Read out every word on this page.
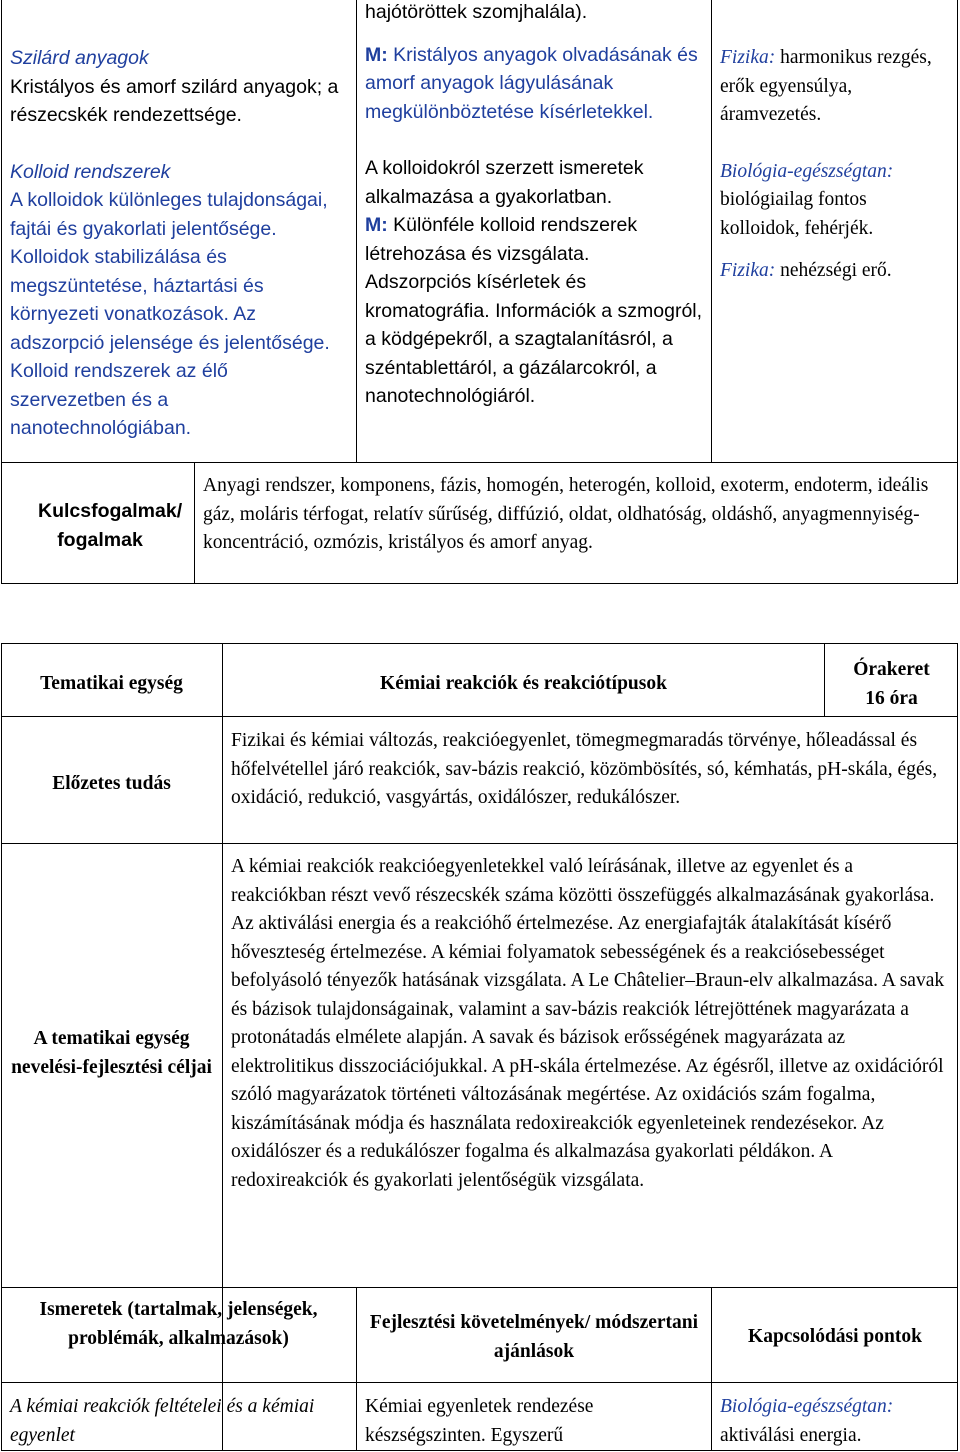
Szilárd anyagok

Kristályos és amorf szilárd anyagok; a részecskék rendezettsége.

Kolloid rendszerek

A kolloidok különleges tulajdonságai, fajtái és gyakorlati jelentősége. Kolloidok stabilizálása és megszüntetése, háztartási és környezeti vonatkozások. Az adszorpció jelensége és jelentősége. Kolloid rendszerek az élő szervezetben és a nanotechnológiában.

hajótöröttek szomjhalála).

M: Kristályos anyagok olvadásának és amorf anyagok lágyulásának megkülönböztetése kísérletekkel.

A kolloidokról szerzett ismeretek alkalmazása a gyakorlatban.

M: Különféle kolloid rendszerek létrehozása és vizsgálata.

Adszorpciós kísérletek és kromatográfia. Információk a szmogról, a ködgépekről, a szagtalanításról, a széntablettáról, a gázálarcokról, a nanotechnológiáról.

Fizika: harmonikus rezgés, erők egyensúlya, áramvezetés.

Biológia-egészségtan:
biológiailag fontos kolloidok, fehérjék.

Fizika: nehézségi erő.

Kulcsfogalmak/ fogalmak
Anyagi rendszer, komponens, fázis, homogén, heterogén, kolloid, exoterm, endoterm, ideális gáz, moláris térfogat, relatív sűrűség, diffúzió, oldat, oldhatóság, oldáshő, anyagmennyiség-koncentráció, ozmózis, kristályos és amorf anyag.
Tematikai egység	Kémiai reakciók és reakciótípusok

Órakeret

16 óra

Előzetes tudás
Fizikai és kémiai változás, reakcióegyenlet, tömegmegmaradás törvénye, hőleadással és hőfelvétellel járó reakciók, sav-bázis reakció, közömbösítés, só, kémhatás, pH-skála, égés, oxidáció, redukció, vasgyártás, oxidálószer, redukálószer.
A tematikai egység nevelési-fejlesztési céljai
A kémiai reakciók reakcióegyenletekkel való leírásának, illetve az egyenlet és a reakciókban részt vevő részecskék száma közötti összefüggés alkalmazásának gyakorlása. Az aktiválási energia és a reakcióhő értelmezése. Az energiafajták átalakítását kísérő hőveszteség értelmezése. A kémiai folyamatok sebességének és a reakciósebességet befolyásoló tényezők hatásának vizsgálata. A Le Châtelier–Braun-elv alkalmazása. A savak és bázisok tulajdonságainak, valamint a sav-bázis reakciók létrejöttének magyarázata a protonátadás elmélete alapján. A savak és bázisok erősségének magyarázata az elektrolitikus disszociációjukkal. A pH-skála értelmezése. Az égésről, illetve az oxidációról szóló magyarázatok történeti változásának megértése. Az oxidációs szám fogalma, kiszámításának módja és használata redoxireakciók egyenleteinek rendezésekor. Az oxidálószer és a redukálószer fogalma és alkalmazása gyakorlati példákon. A redoxireakciók és gyakorlati jelentőségük vizsgálata.
Ismeretek (tartalmak, jelenségek, problémák, alkalmazások)
Fejlesztési követelmények/ módszertani ajánlások
Kapcsolódási pontok
A kémiai reakciók feltételei és a kémiai egyenlet
Kémiai egyenletek rendezése készségszinten. Egyszerű
Biológia-egészségtan:
aktiválási energia.
